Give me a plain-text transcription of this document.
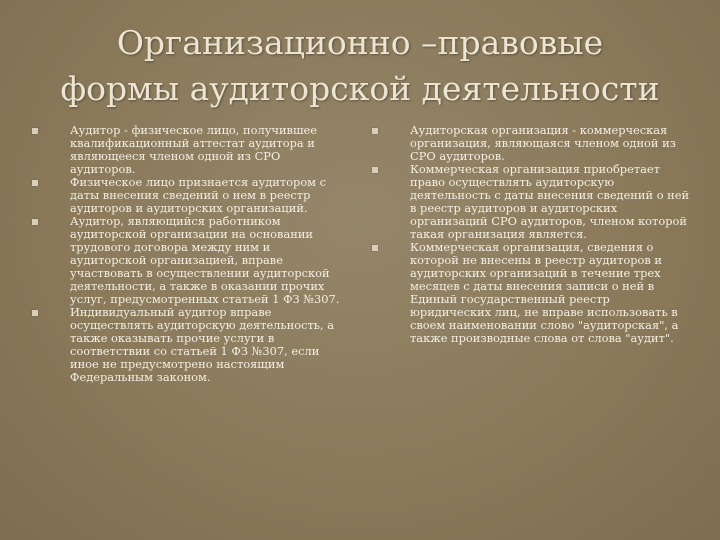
Организационно –правовые
формы аудиторской деятельности
Аудитор - физическое лицо, получившее квалификационный аттестат аудитора и являющееся членом одной из СРО аудиторов.
Физическое лицо признается аудитором с даты внесения сведений о нем в реестр аудиторов и аудиторских организаций.
Аудитор, являющийся работником аудиторской организации на основании трудового договора между ним и аудиторской организацией, вправе участвовать в осуществлении аудиторской деятельности, а также в оказании прочих услуг, предусмотренных статьей 1 ФЗ №307.
Индивидуальный аудитор вправе осуществлять аудиторскую деятельность, а также оказывать прочие услуги в соответствии со статьей 1 ФЗ №307, если иное не предусмотрено настоящим Федеральным законом.
Аудиторская организация - коммерческая организация, являющаяся членом одной из СРО аудиторов.
Коммерческая организация приобретает право осуществлять аудиторскую деятельность с даты внесения сведений о ней в реестр аудиторов и аудиторских организаций СРО аудиторов, членом которой такая организация является.
Коммерческая организация, сведения о которой не внесены в реестр аудиторов и аудиторских организаций в течение трех месяцев с даты внесения записи о ней в Единый государственный реестр юридических лиц, не вправе использовать в своем наименовании слово "аудиторская", а также производные слова от слова "аудит".
